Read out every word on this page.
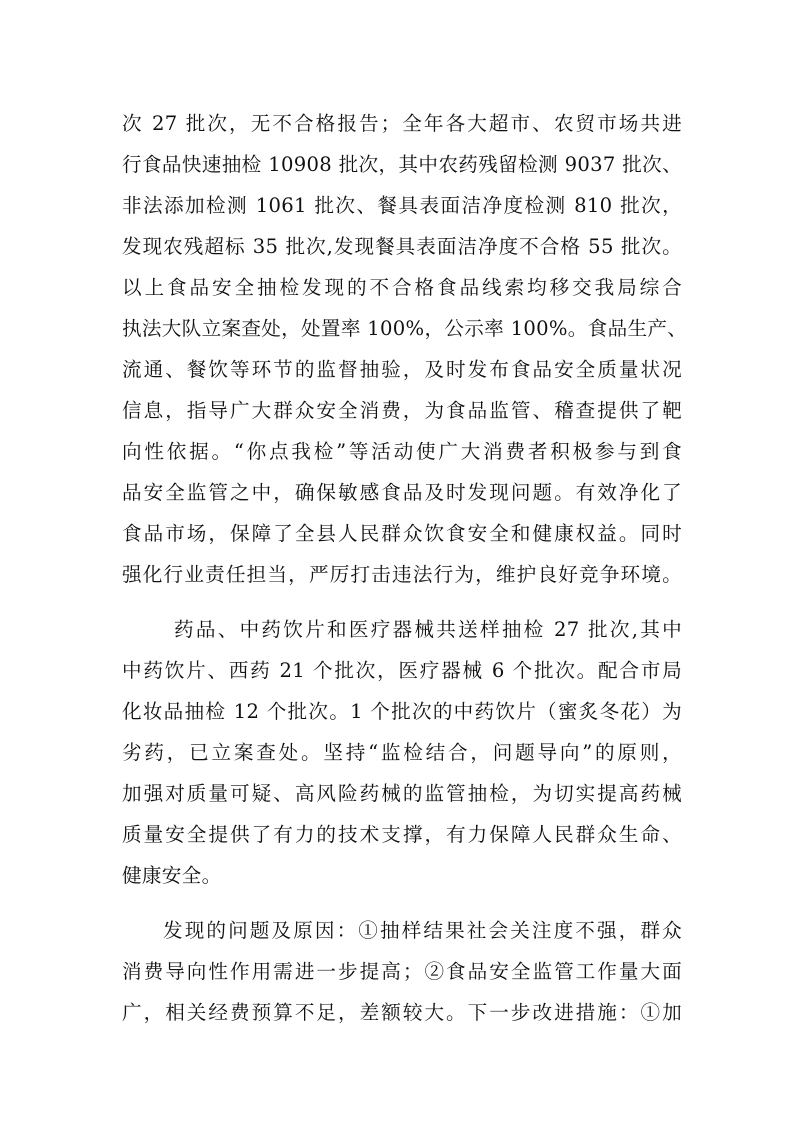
次 27 批次，无不合格报告；全年各大超市、农贸市场共进
行食品快速抽检 10908 批次，其中农药残留检测 9037 批次、
非法添加检测 1061 批次、餐具表面洁净度检测 810 批次，
发现农残超标 35 批次,发现餐具表面洁净度不合格 55 批次。
以上食品安全抽检发现的不合格食品线索均移交我局综合
执法大队立案查处，处置率 100%，公示率 100%。食品生产、
流通、餐饮等环节的监督抽验，及时发布食品安全质量状况
信息，指导广大群众安全消费，为食品监管、稽查提供了靶
向性依据。“你点我检”等活动使广大消费者积极参与到食
品安全监管之中，确保敏感食品及时发现问题。有效净化了
食品市场，保障了全县人民群众饮食安全和健康权益。同时
强化行业责任担当，严厉打击违法行为，维护良好竞争环境。
药品、中药饮片和医疗器械共送样抽检 27 批次,其中
中药饮片、西药 21 个批次，医疗器械 6 个批次。配合市局
化妆品抽检 12 个批次。1 个批次的中药饮片（蜜炙冬花）为
劣药，已立案查处。坚持“监检结合，问题导向”的原则，
加强对质量可疑、高风险药械的监管抽检，为切实提高药械
质量安全提供了有力的技术支撑，有力保障人民群众生命、
健康安全。
发现的问题及原因：①抽样结果社会关注度不强，群众
消费导向性作用需进一步提高；②食品安全监管工作量大面
广，相关经费预算不足，差额较大。下一步改进措施：①加
